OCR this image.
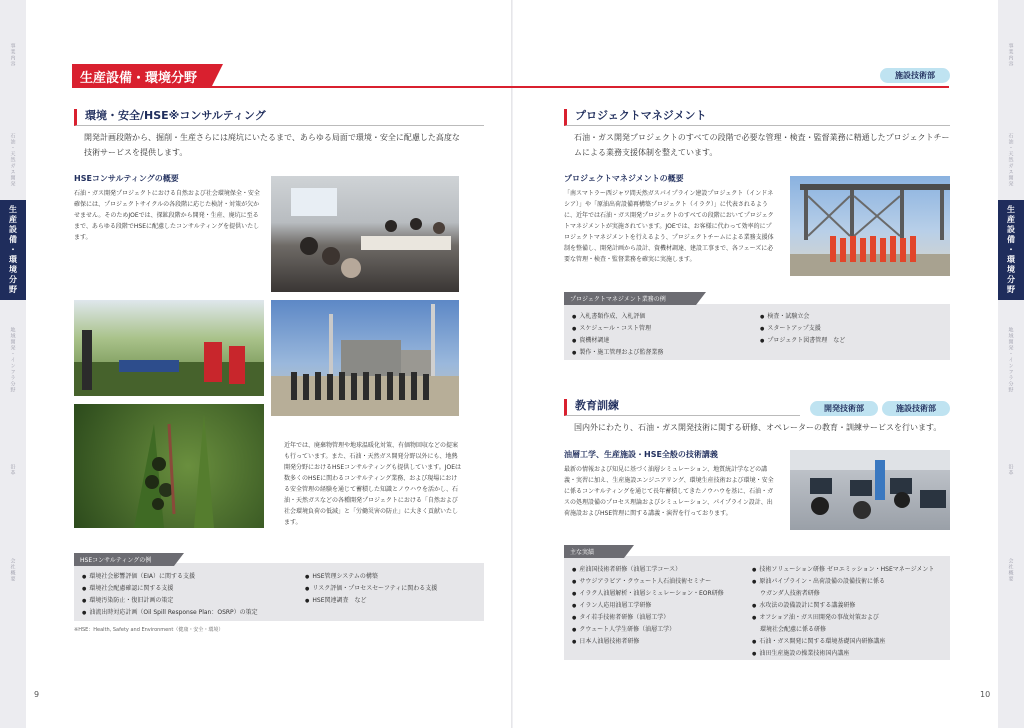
事業内容
石油・天然ガス開発
生産設備・環境分野
地域開発・インフラ分野
沿革
会社概要
事業内容
石油・天然ガス開発
生産設備・環境分野
地域開発・インフラ分野
沿革
会社概要
生産設備・環境分野	施設技術部
環境・安全/HSE※コンサルティング
開発計画段階から、掘削・生産さらには廃坑にいたるまで、あらゆる局面で環境・安全に配慮した高度な技術サービスを提供します。
HSEコンサルティングの概要
石油・ガス開発プロジェクトにおける自然および社会環境保全・安全確保には、プロジェクトサイクルの各段階に応じた検討・対策が欠かせません。そのためJOEでは、探鉱段階から開発・生産、廃坑に至るまで、あらゆる段階でHSEに配慮したコンサルティングを提供いたします。
近年では、廃棄物管理や地球温暖化対策、有価物回収などの提案も行っています。また、石油・天然ガス開発分野以外にも、地熱開発分野におけるHSEコンサルティングも提供しています。JOEは数多くのHSEに関わるコンサルティング業務、および現場における安全管理の経験を通じて蓄積した知識とノウハウを活かし、石油・天然ガスなどの各種開発プロジェクトにおける「自然および社会環境負荷の低減」と「労働災害の防止」に大きく貢献いたします。
HSEコンサルティングの例
● 環境社会影響評価（EIA）に関する支援
● 環境社会配慮確認に関する支援
● 環境汚染防止・復旧計画の策定
● 油流出時対応計画（Oil Spill Response Plan：OSRP）の策定
● HSE管理システムの構築
● リスク評価・プロセスセーフティに関わる支援
● HSE関連調査　など
※HSE：Health, Safety and Environment（健康・安全・環境）
プロジェクトマネジメント
石油・ガス開発プロジェクトのすべての段階で必要な管理・検査・監督業務に精通したプロジェクトチームによる業務支援体制を整えています。
プロジェクトマネジメントの概要
「南スマトラー西ジャワ間天然ガスパイプライン建設プロジェクト（インドネシア）」や「原油出荷設備再構築プロジェクト（イラク）」に代表されるように、近年では石油・ガス開発プロジェクトのすべての段階においてプロジェクトマネジメントが実施されています。JOEでは、お客様に代わって効率的にプロジェクトマネジメントを行えるよう、プロジェクトチームによる業務支援体制を整備し、開発計画から設計、資機材調達、建設工事まで、各フェーズに必要な管理・検査・監督業務を確実に実施します。
プロジェクトマネジメント業務の例
● 入札書類作成、入札評価
● スケジュール・コスト管理
● 資機材調達
● 製作・施工管理および監督業務
● 検査・試験立会
● スタートアップ支援
● プロジェクト図書管理　など
教育訓練	開発技術部	施設技術部
国内外にわたり、石油・ガス開発技術に関する研修、オペレーターの教育・訓練サービスを行います。
油層工学、生産施設・HSE全般の技術講義
最新の情報および知見に基づく油層シミュレーション、地質統計学などの講義・実習に加え、生産施設エンジニアリング、環境生産技術および環境・安全に係るコンサルティングを通じて長年蓄積してきたノウハウを基に、石油・ガスの処理設備のプロセス理論およびシミュレーション、パイプライン設計、出荷施設およびHSE管理に関する講義・演習を行っております。
主な実績
● 産油国技術者研修（油層工学コース）
● サウジアラビア・クウェート人石油技術セミナー
● イラク人油層解析・油層シミュレーション・EOR研修
● イラン人応用油層工学研修
● タイ若手技術者研修（油層工学）
● クウェート人学生研修（油層工学）
● 日本人油層技術者研修
● 技術ソリューション研修 ゼロエミッション・HSEマネージメント
● 原油パイプライン・出荷設備の設備技術に係る
ウガンダ人技術者研修
● 水攻法の設備設計に関する講義研修
● オフショア油・ガス田開発の事故対策および
環境社会配慮に係る研修
● 石油・ガス開発に関する環境基礎国内研修講座
● 油田生産施設の操業技術国内講座
9	10
